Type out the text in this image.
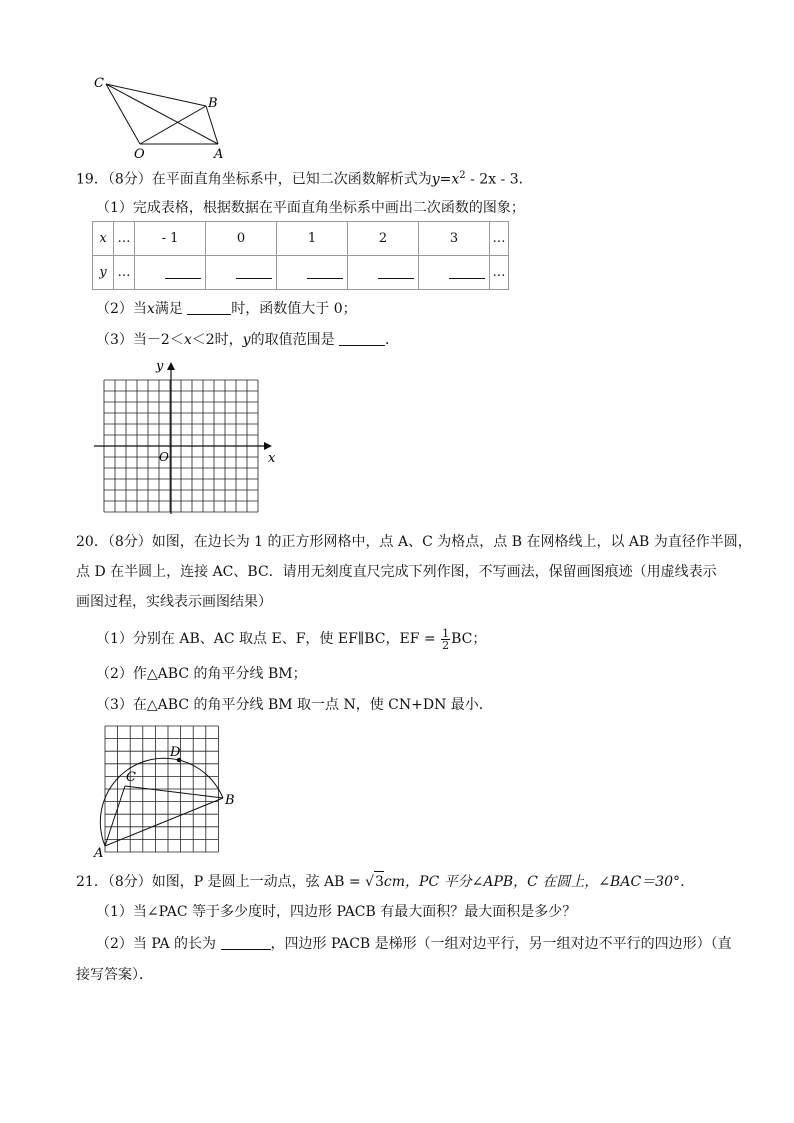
C
B
O	A
19．（8分）在平面直角坐标系中，已知二次函数解析式为$y=x^2 - 2x - 3$．
（1）完成表格，根据数据在平面直角坐标系中画出二次函数的图象；
x	…	- 1	0	1	2	3	…
y	…						…
（2）当x满足	时，函数值大于 0；
（3）当－2＜x＜2时，y的取值范围是	．
y
x
O
20．（8分）如图，在边长为 1 的正方形网格中，点 A、C 为格点，点 B 在网格线上，以 AB 为直径作半圆，
点 D 在半圆上，连接 AC、BC．请用无刻度直尺完成下列作图，不写画法，保留画图痕迹（用虚线表示
画图过程，实线表示画图结果）
（1）分别在 AB、AC 取点 E、F，使 EF∥BC，EF = $\frac{1}{2}$ BC；
（2）作△ABC 的角平分线 BM；
（3）在△ABC 的角平分线 BM 取一点 N，使 CN+DN 最小．
D
C
B
A
21．（8分）如图，P 是圆上一动点，弦 AB = √3cm，PC 平分∠APB，C 在圆上，∠BAC＝30°．
（1）当∠PAC 等于多少度时，四边形 PACB 有最大面积？最大面积是多少？
（2）当 PA 的长为	，四边形 PACB 是梯形（一组对边平行，另一组对边不平行的四边形）（直
接写答案）．
